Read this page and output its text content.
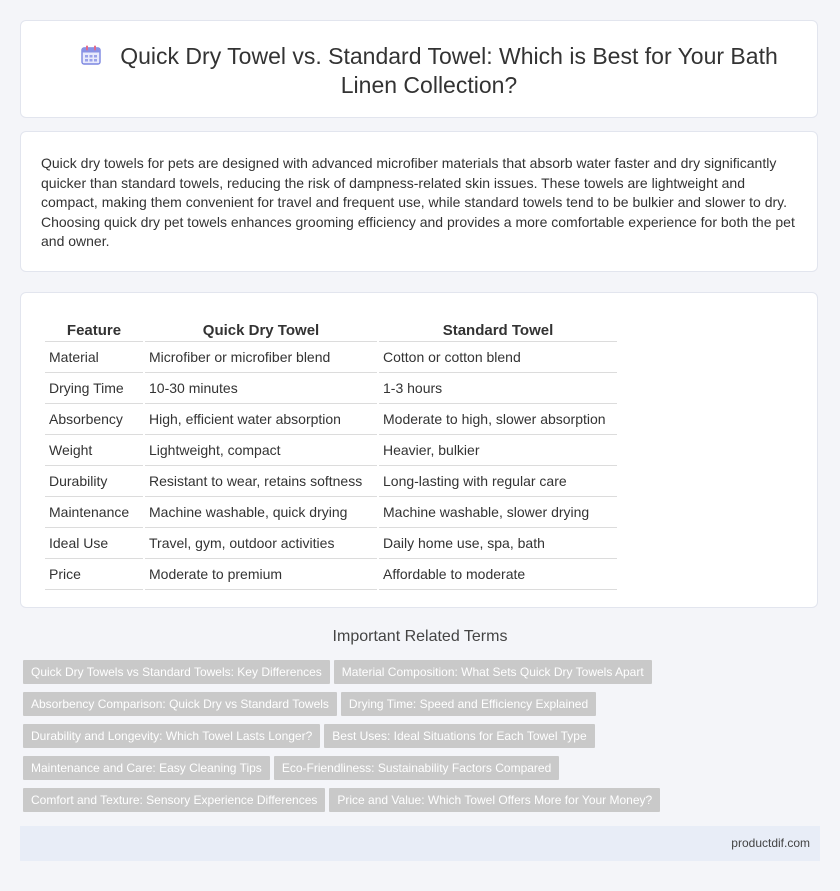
Quick Dry Towel vs. Standard Towel: Which is Best for Your Bath Linen Collection?

Quick dry towels for pets are designed with advanced microfiber materials that absorb water faster and dry significantly quicker than standard towels, reducing the risk of dampness-related skin issues. These towels are lightweight and compact, making them convenient for travel and frequent use, while standard towels tend to be bulkier and slower to dry. Choosing quick dry pet towels enhances grooming efficiency and provides a more comfortable experience for both the pet and owner.

Feature	Quick Dry Towel	Standard Towel
Material	Microfiber or microfiber blend	Cotton or cotton blend
Drying Time	10-30 minutes	1-3 hours
Absorbency	High, efficient water absorption	Moderate to high, slower absorption
Weight	Lightweight, compact	Heavier, bulkier
Durability	Resistant to wear, retains softness	Long-lasting with regular care
Maintenance	Machine washable, quick drying	Machine washable, slower drying
Ideal Use	Travel, gym, outdoor activities	Daily home use, spa, bath
Price	Moderate to premium	Affordable to moderate
Important Related Terms
Quick Dry Towels vs Standard Towels: Key Differences Material Composition: What Sets Quick Dry Towels Apart
Absorbency Comparison: Quick Dry vs Standard Towels Drying Time: Speed and Efficiency Explained
Durability and Longevity: Which Towel Lasts Longer? Best Uses: Ideal Situations for Each Towel Type
Maintenance and Care: Easy Cleaning Tips Eco-Friendliness: Sustainability Factors Compared
Comfort and Texture: Sensory Experience Differences Price and Value: Which Towel Offers More for Your Money?
productdif.com
